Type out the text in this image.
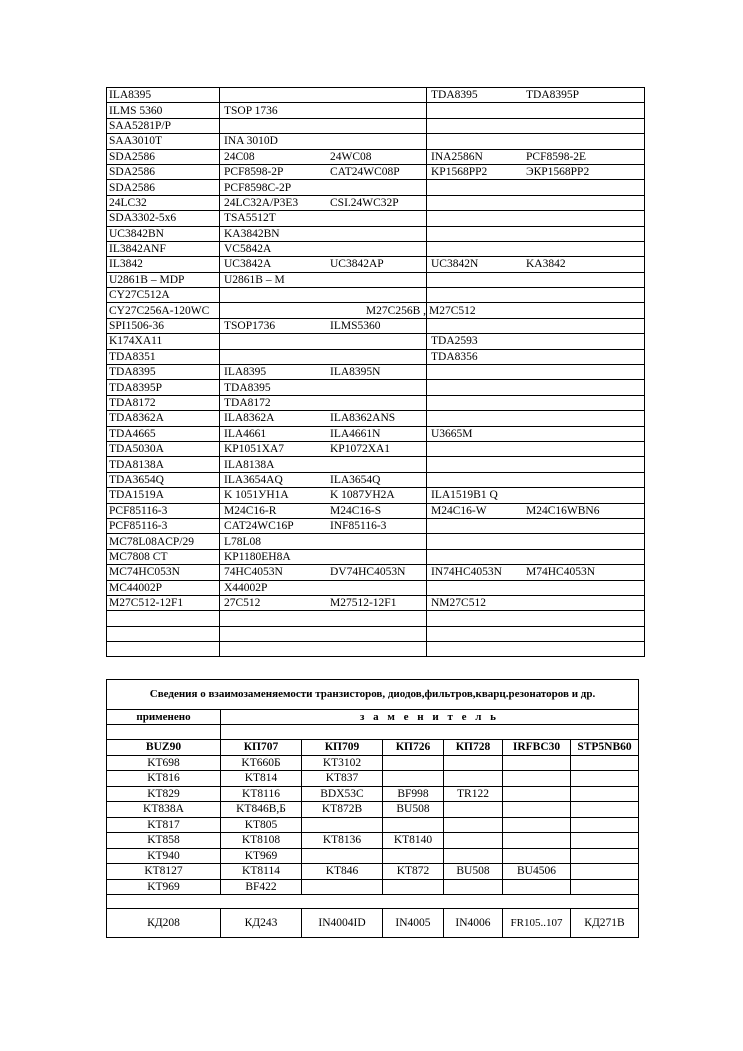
ILA8395		TDA8395 TDA8395P
ILMS 5360	TSOP 1736	
SAA5281P/P		
SAA3010T	INA 3010D	
SDA2586	24C08 24WC08	INA2586N PCF8598-2E
SDA2586	PCF8598-2P CAT24WC08P	KP1568PP2 ЭКP1568PP2
SDA2586	PCF8598C-2P	
24LC32	24LC32A/P3E3 CSI.24WC32P	
SDA3302-5x6	TSA5512T	
UC3842BN	KA3842BN	
IL3842ANF	VC5842A	
IL3842	UC3842A UC3842AP	UC3842N KA3842
U2861B – MDP	U2861B – M	
CY27C512A		
CY27C256A-120WC	M27C256B ,	M27C512
SPI1506-36	TSOP1736 ILMS5360	
K174XA11		TDA2593
TDA8351		TDA8356
TDA8395	ILA8395 ILA8395N	
TDA8395P	TDA8395	
TDA8172	TDA8172	
TDA8362A	ILA8362A ILA8362ANS	
TDA4665	ILA4661 ILA4661N	U3665M
TDA5030A	KP1051XA7 KP1072XA1	
TDA8138A	ILA8138A	
TDA3654Q	ILA3654AQ ILA3654Q	
TDA1519A	K 1051УН1А K 1087УН2А	ILA1519B1 Q
PCF85116-3	M24C16-R M24C16-S	M24C16-W M24C16WBN6
PCF85116-3	CAT24WC16P INF85116-3	
MC78L08ACP/29	L78L08	
MC7808 CT	KP1180EH8A	
MC74HC053N	74HC4053N DV74HC4053N	IN74HC4053N M74HC4053N
MC44002P	X44002P	
M27C512-12F1	27C512 M27512-12F1	NM27C512

Сведения о взаимозаменяемости транзисторов, диодов,фильтров,кварц.резонаторов и др.						
применено	з а м е н и т е л ь					

BUZ90	КП707	КП709	КП726	КП728	IRFBC30	STP5NB60
KT698	KT660Б	KT3102				
KT816	KT814	KT837				
KT829	KT8116	BDX53C	BF998	TR122		
KT838A	KT846B,Б	KT872B	BU508			
KT817	KT805					
KT858	KT8108	KT8136	KT8140			
KT940	KT969					
KT8127	KT8114	KT846	KT872	BU508	BU4506	
KT969	BF422					

КД208	КД243	IN4004ID	IN4005	IN4006	FR105..107	КД271В
